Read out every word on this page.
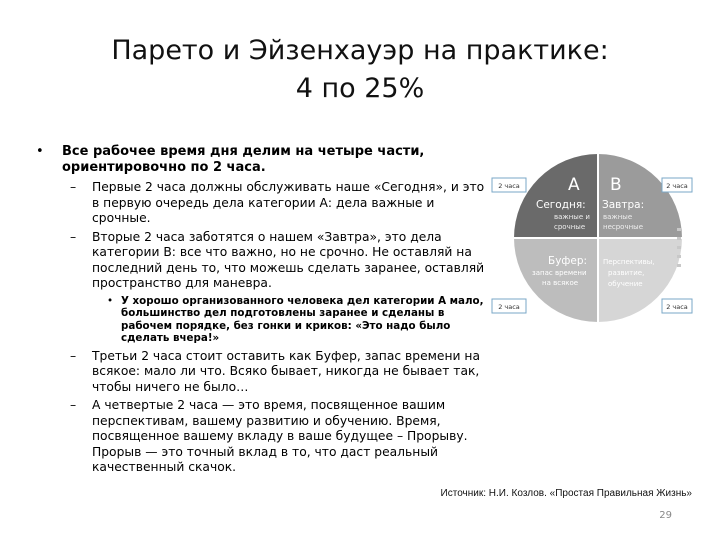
Парето и Эйзенхауэр на практике:
4 по 25%
• Все рабочее время дня делим на четыре части, ориентировочно по 2 часа.
– Первые 2 часа должны обслуживать наше «Сегодня», и это в первую очередь дела категории А: дела важные и срочные.
– Вторые 2 часа заботятся о нашем «Завтра», это дела категории В: все что важно, но не срочно. Не оставляй на последний день то, что можешь сделать заранее, оставляй пространство для маневра.
• У хорошо организованного человека дел категории А мало, большинство дел подготовлены заранее и сделаны в рабочем порядке, без гонки и криков: «Это надо было сделать вчера!»
– Третьи 2 часа стоит оставить как Буфер, запас времени на всякое: мало ли что. Всяко бывает, никогда не бывает так, чтобы ничего не было…
– А четвертые 2 часа — это время, посвященное вашим перспективам, вашему развитию и обучению. Время, посвященное вашему вкладу в ваше будущее – Прорыву. Прорыв — это точный вклад в то, что даст реальный качественный скачок.
А
Сегодня:
важные и
срочные
В
Завтра:
важные
несрочные
Буфер:
запас времени
на всякое
Перспективы,
развитие,
обучение
2 часа	2 часа
2 часа	2 часа
Источник: Н.И. Козлов. «Простая Правильная Жизнь»
29
